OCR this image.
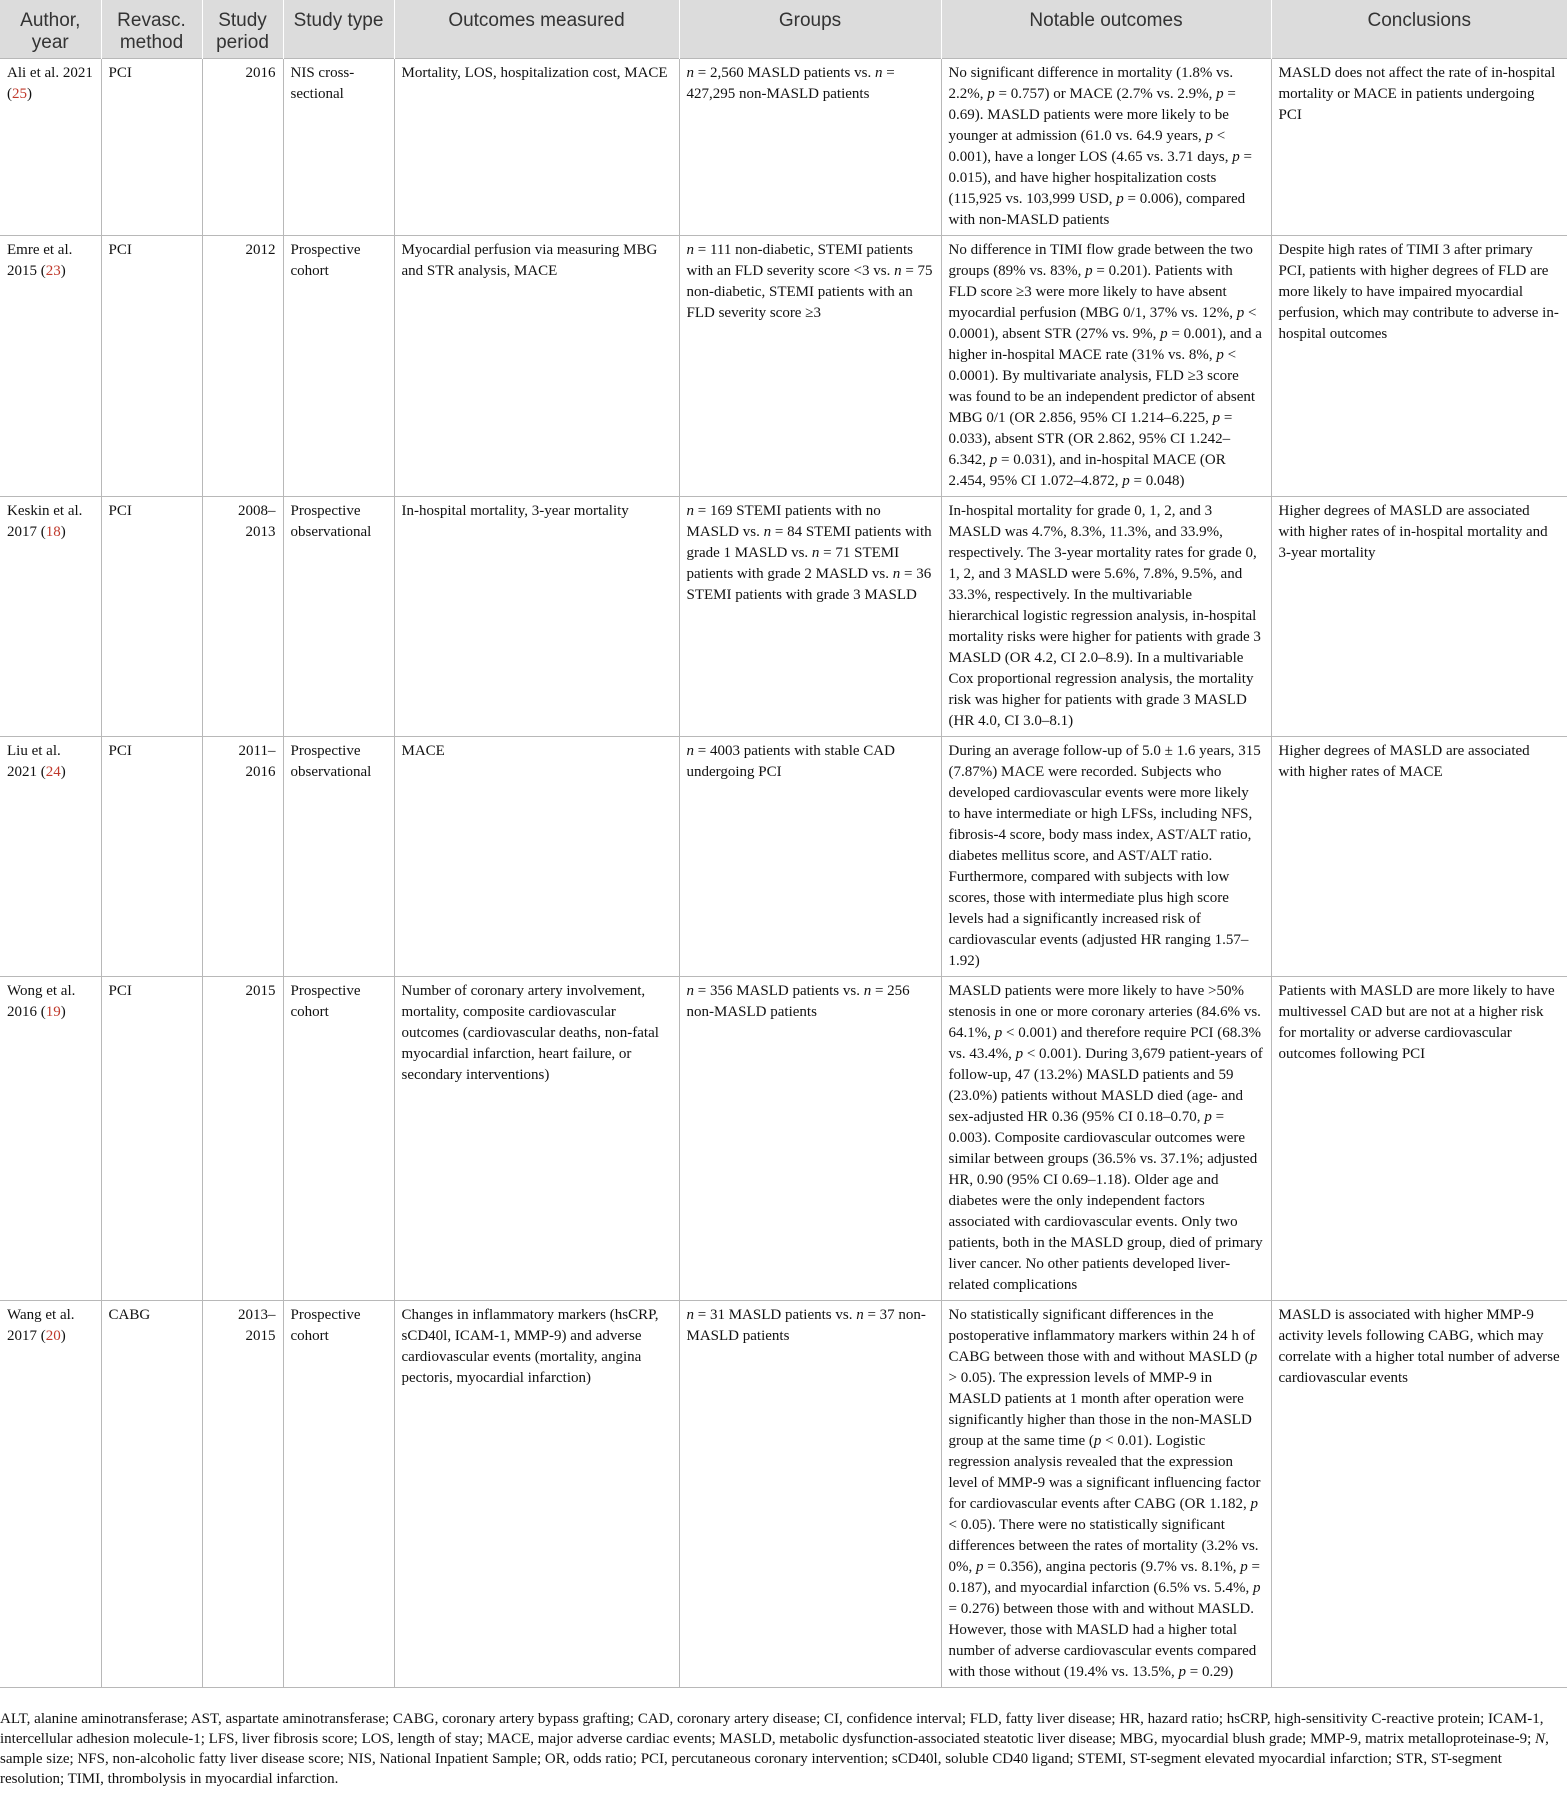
Author, year	Revasc. method	Study period	Study type	Outcomes measured	Groups	Notable outcomes	Conclusions
Ali et al. 2021 (25)	PCI	2016	NIS cross-sectional	Mortality, LOS, hospitalization cost, MACE	n = 2,560 MASLD patients vs. n = 427,295 non-MASLD patients	No significant difference in mortality (1.8% vs. 2.2%, p = 0.757) or MACE (2.7% vs. 2.9%, p = 0.69). MASLD patients were more likely to be younger at admission (61.0 vs. 64.9 years, p < 0.001), have a longer LOS (4.65 vs. 3.71 days, p = 0.015), and have higher hospitalization costs (115,925 vs. 103,999 USD, p = 0.006), compared with non-MASLD patients	MASLD does not affect the rate of in-hospital mortality or MACE in patients undergoing PCI
Emre et al. 2015 (23)	PCI	2012	Prospective cohort	Myocardial perfusion via measuring MBG and STR analysis, MACE	n = 111 non-diabetic, STEMI patients with an FLD severity score <3 vs. n = 75 non-diabetic, STEMI patients with an FLD severity score ≥3	No difference in TIMI flow grade between the two groups (89% vs. 83%, p = 0.201). Patients with FLD score ≥3 were more likely to have absent myocardial perfusion (MBG 0/1, 37% vs. 12%, p < 0.0001), absent STR (27% vs. 9%, p = 0.001), and a higher in-hospital MACE rate (31% vs. 8%, p < 0.0001). By multivariate analysis, FLD ≥3 score was found to be an independent predictor of absent MBG 0/1 (OR 2.856, 95% CI 1.214–6.225, p = 0.033), absent STR (OR 2.862, 95% CI 1.242–6.342, p = 0.031), and in-hospital MACE (OR 2.454, 95% CI 1.072–4.872, p = 0.048)	Despite high rates of TIMI 3 after primary PCI, patients with higher degrees of FLD are more likely to have impaired myocardial perfusion, which may contribute to adverse in-hospital outcomes
Keskin et al. 2017 (18)	PCI	2008–2013	Prospective observational	In-hospital mortality, 3-year mortality	n = 169 STEMI patients with no MASLD vs. n = 84 STEMI patients with grade 1 MASLD vs. n = 71 STEMI patients with grade 2 MASLD vs. n = 36 STEMI patients with grade 3 MASLD	In-hospital mortality for grade 0, 1, 2, and 3 MASLD was 4.7%, 8.3%, 11.3%, and 33.9%, respectively. The 3-year mortality rates for grade 0, 1, 2, and 3 MASLD were 5.6%, 7.8%, 9.5%, and 33.3%, respectively. In the multivariable hierarchical logistic regression analysis, in-hospital mortality risks were higher for patients with grade 3 MASLD (OR 4.2, CI 2.0–8.9). In a multivariable Cox proportional regression analysis, the mortality risk was higher for patients with grade 3 MASLD (HR 4.0, CI 3.0–8.1)	Higher degrees of MASLD are associated with higher rates of in-hospital mortality and 3-year mortality
Liu et al. 2021 (24)	PCI	2011–2016	Prospective observational	MACE	n = 4003 patients with stable CAD undergoing PCI	During an average follow-up of 5.0 ± 1.6 years, 315 (7.87%) MACE were recorded. Subjects who developed cardiovascular events were more likely to have intermediate or high LFSs, including NFS, fibrosis-4 score, body mass index, AST/ALT ratio, diabetes mellitus score, and AST/ALT ratio. Furthermore, compared with subjects with low scores, those with intermediate plus high score levels had a significantly increased risk of cardiovascular events (adjusted HR ranging 1.57–1.92)	Higher degrees of MASLD are associated with higher rates of MACE
Wong et al. 2016 (19)	PCI	2015	Prospective cohort	Number of coronary artery involvement, mortality, composite cardiovascular outcomes (cardiovascular deaths, non-fatal myocardial infarction, heart failure, or secondary interventions)	n = 356 MASLD patients vs. n = 256 non-MASLD patients	MASLD patients were more likely to have >50% stenosis in one or more coronary arteries (84.6% vs. 64.1%, p < 0.001) and therefore require PCI (68.3% vs. 43.4%, p < 0.001). During 3,679 patient-years of follow-up, 47 (13.2%) MASLD patients and 59 (23.0%) patients without MASLD died (age- and sex-adjusted HR 0.36 (95% CI 0.18–0.70, p = 0.003). Composite cardiovascular outcomes were similar between groups (36.5% vs. 37.1%; adjusted HR, 0.90 (95% CI 0.69–1.18). Older age and diabetes were the only independent factors associated with cardiovascular events. Only two patients, both in the MASLD group, died of primary liver cancer. No other patients developed liver-related complications	Patients with MASLD are more likely to have multivessel CAD but are not at a higher risk for mortality or adverse cardiovascular outcomes following PCI
Wang et al. 2017 (20)	CABG	2013–2015	Prospective cohort	Changes in inflammatory markers (hsCRP, sCD40l, ICAM-1, MMP-9) and adverse cardiovascular events (mortality, angina pectoris, myocardial infarction)	n = 31 MASLD patients vs. n = 37 non-MASLD patients	No statistically significant differences in the postoperative inflammatory markers within 24 h of CABG between those with and without MASLD (p > 0.05). The expression levels of MMP-9 in MASLD patients at 1 month after operation were significantly higher than those in the non-MASLD group at the same time (p < 0.01). Logistic regression analysis revealed that the expression level of MMP-9 was a significant influencing factor for cardiovascular events after CABG (OR 1.182, p < 0.05). There were no statistically significant differences between the rates of mortality (3.2% vs. 0%, p = 0.356), angina pectoris (9.7% vs. 8.1%, p = 0.187), and myocardial infarction (6.5% vs. 5.4%, p = 0.276) between those with and without MASLD. However, those with MASLD had a higher total number of adverse cardiovascular events compared with those without (19.4% vs. 13.5%, p = 0.29)	MASLD is associated with higher MMP-9 activity levels following CABG, which may correlate with a higher total number of adverse cardiovascular events

ALT, alanine aminotransferase; AST, aspartate aminotransferase; CABG, coronary artery bypass grafting; CAD, coronary artery disease; CI, confidence interval; FLD, fatty liver disease; HR, hazard ratio; hsCRP, high-sensitivity C-reactive protein; ICAM-1, intercellular adhesion molecule-1; LFS, liver fibrosis score; LOS, length of stay; MACE, major adverse cardiac events; MASLD, metabolic dysfunction-associated steatotic liver disease; MBG, myocardial blush grade; MMP-9, matrix metalloproteinase-9; N, sample size; NFS, non-alcoholic fatty liver disease score; NIS, National Inpatient Sample; OR, odds ratio; PCI, percutaneous coronary intervention; sCD40l, soluble CD40 ligand; STEMI, ST-segment elevated myocardial infarction; STR, ST-segment resolution; TIMI, thrombolysis in myocardial infarction.
